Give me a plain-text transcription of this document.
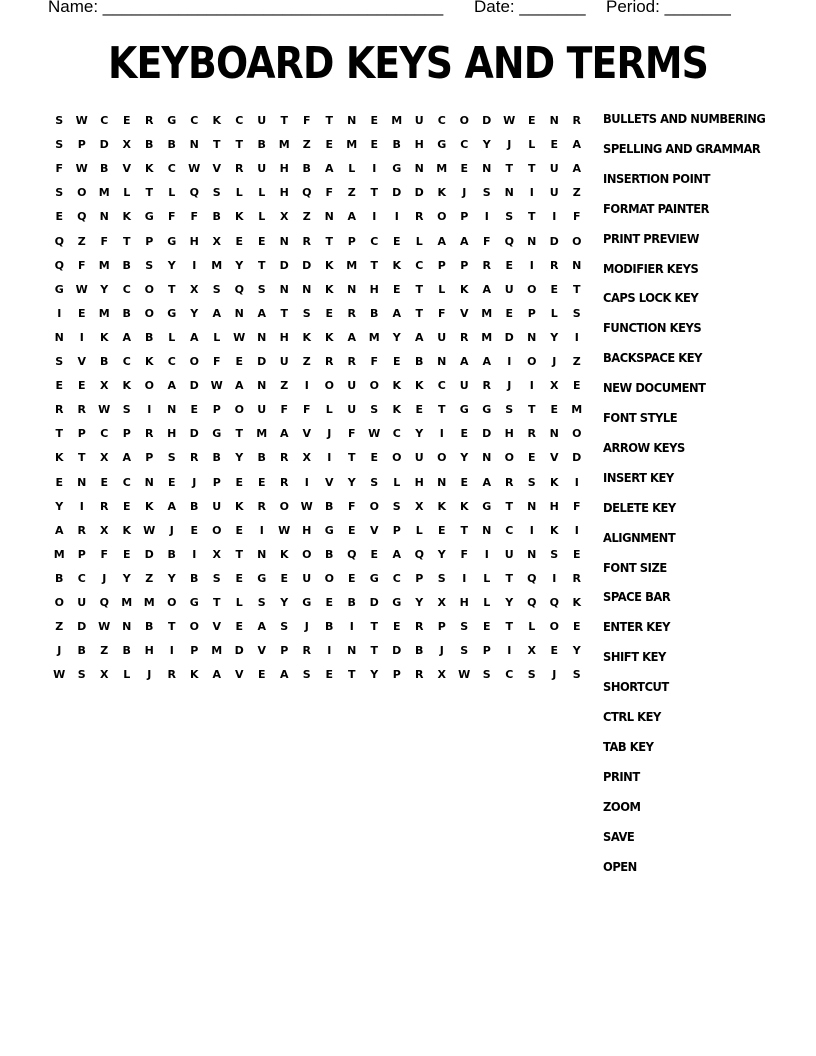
Name: ____________________________________ Date: _______ Period: _______
KEYBOARD KEYS AND TERMS
S	W	C	E	R	G	C	K	C	U	T	F	T	N	E	M	U	C	O	D	W	E	N	R
S	P	D	X	B	B	N	T	T	B	M	Z	E	M	E	B	H	G	C	Y	J	L	E	A
F	W	B	V	K	C	W	V	R	U	H	B	A	L	I	G	N	M	E	N	T	T	U	A
S	O	M	L	T	L	Q	S	L	L	H	Q	F	Z	T	D	D	K	J	S	N	I	U	Z
E	Q	N	K	G	F	F	B	K	L	X	Z	N	A	I	I	R	O	P	I	S	T	I	F
Q	Z	F	T	P	G	H	X	E	E	N	R	T	P	C	E	L	A	A	F	Q	N	D	O
Q	F	M	B	S	Y	I	M	Y	T	D	D	K	M	T	K	C	P	P	R	E	I	R	N
G	W	Y	C	O	T	X	S	Q	S	N	N	K	N	H	E	T	L	K	A	U	O	E	T
I	E	M	B	O	G	Y	A	N	A	T	S	E	R	B	A	T	F	V	M	E	P	L	S
N	I	K	A	B	L	A	L	W	N	H	K	K	A	M	Y	A	U	R	M	D	N	Y	I
S	V	B	C	K	C	O	F	E	D	U	Z	R	R	F	E	B	N	A	A	I	O	J	Z
E	E	X	K	O	A	D	W	A	N	Z	I	O	U	O	K	K	C	U	R	J	I	X	E
R	R	W	S	I	N	E	P	O	U	F	F	L	U	S	K	E	T	G	G	S	T	E	M
T	P	C	P	R	H	D	G	T	M	A	V	J	F	W	C	Y	I	E	D	H	R	N	O
K	T	X	A	P	S	R	B	Y	B	R	X	I	T	E	O	U	O	Y	N	O	E	V	D
E	N	E	C	N	E	J	P	E	E	R	I	V	Y	S	L	H	N	E	A	R	S	K	I
Y	I	R	E	K	A	B	U	K	R	O	W	B	F	O	S	X	K	K	G	T	N	H	F
A	R	X	K	W	J	E	O	E	I	W	H	G	E	V	P	L	E	T	N	C	I	K	I
M	P	F	E	D	B	I	X	T	N	K	O	B	Q	E	A	Q	Y	F	I	U	N	S	E
B	C	J	Y	Z	Y	B	S	E	G	E	U	O	E	G	C	P	S	I	L	T	Q	I	R
O	U	Q	M	M	O	G	T	L	S	Y	G	E	B	D	G	Y	X	H	L	Y	Q	Q	K
Z	D	W	N	B	T	O	V	E	A	S	J	B	I	T	E	R	P	S	E	T	L	O	E
J	B	Z	B	H	I	P	M	D	V	P	R	I	N	T	D	B	J	S	P	I	X	E	Y
W	S	X	L	J	R	K	A	V	E	A	S	E	T	Y	P	R	X	W	S	C	S	J	S
BULLETS AND NUMBERING
SPELLING AND GRAMMAR
INSERTION POINT
FORMAT PAINTER
PRINT PREVIEW
MODIFIER KEYS
CAPS LOCK KEY
FUNCTION KEYS
BACKSPACE KEY
NEW DOCUMENT
FONT STYLE
ARROW KEYS
INSERT KEY
DELETE KEY
ALIGNMENT
FONT SIZE
SPACE BAR
ENTER KEY
SHIFT KEY
SHORTCUT
CTRL KEY
TAB KEY
PRINT
ZOOM
SAVE
OPEN
